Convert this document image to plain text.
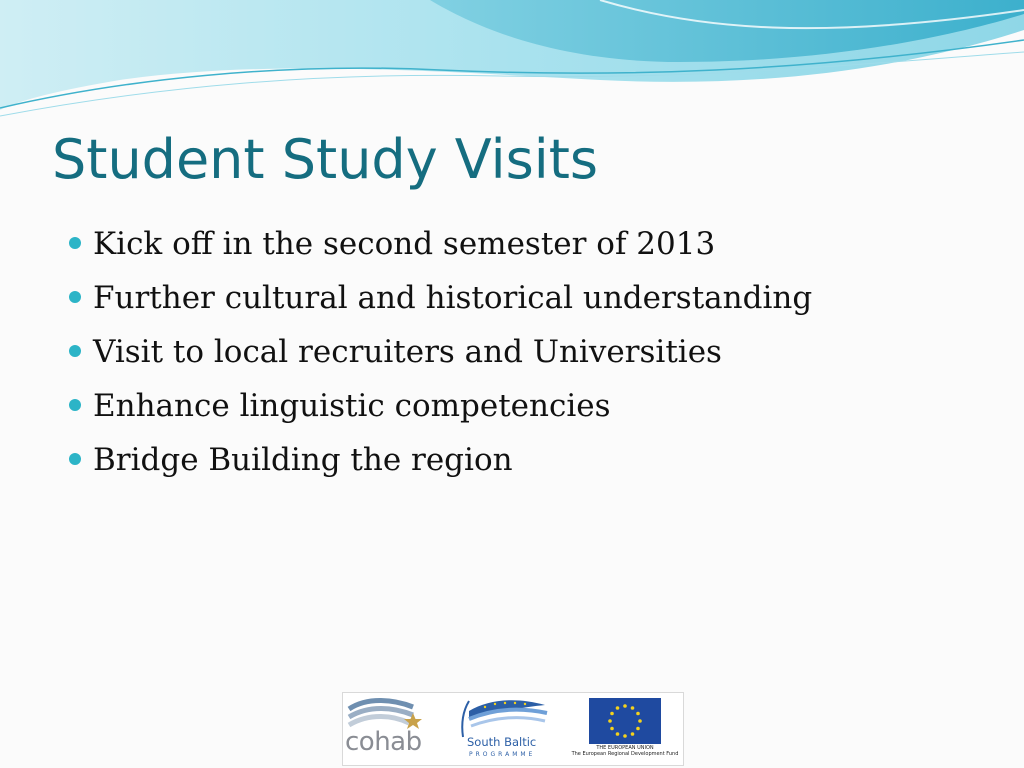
Student Study Visits
Kick off in the second semester of 2013
Further cultural and historical understanding
Visit to local recruiters and Universities
Enhance linguistic competencies
Bridge Building the region
cohab	South Baltic
PROGRAMME
THE EUROPEAN UNION
The European Regional Development Fund
